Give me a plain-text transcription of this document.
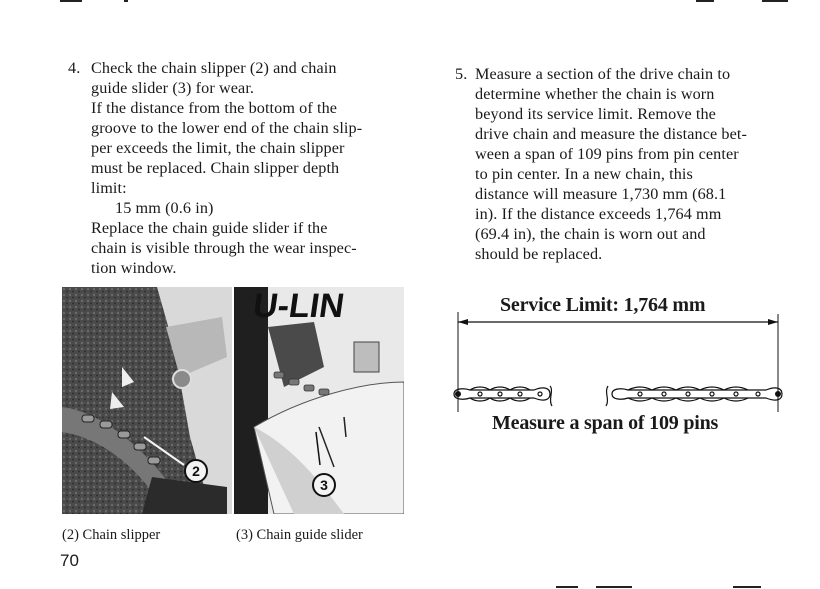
4. Check the chain slipper (2) and chain
guide slider (3) for wear.
If the distance from the bottom of the
groove to the lower end of the chain slip-
per exceeds the limit, the chain slipper
must be replaced. Chain slipper depth
limit:
15 mm (0.6 in)
Replace the chain guide slider if the
chain is visible through the wear inspec-
tion window.
5. Measure a section of the drive chain to
determine whether the chain is worn
beyond its service limit. Remove the
drive chain and measure the distance bet-
ween a span of 109 pins from pin center
to pin center. In a new chain, this
distance will measure 1,730 mm (68.1
in). If the distance exceeds 1,764 mm
(69.4 in), the chain is worn out and
should be replaced.
2
U-LIN
3
(2) Chain slipper	(3) Chain guide slider
70
Service Limit: 1,764 mm
Measure a span of 109 pins
